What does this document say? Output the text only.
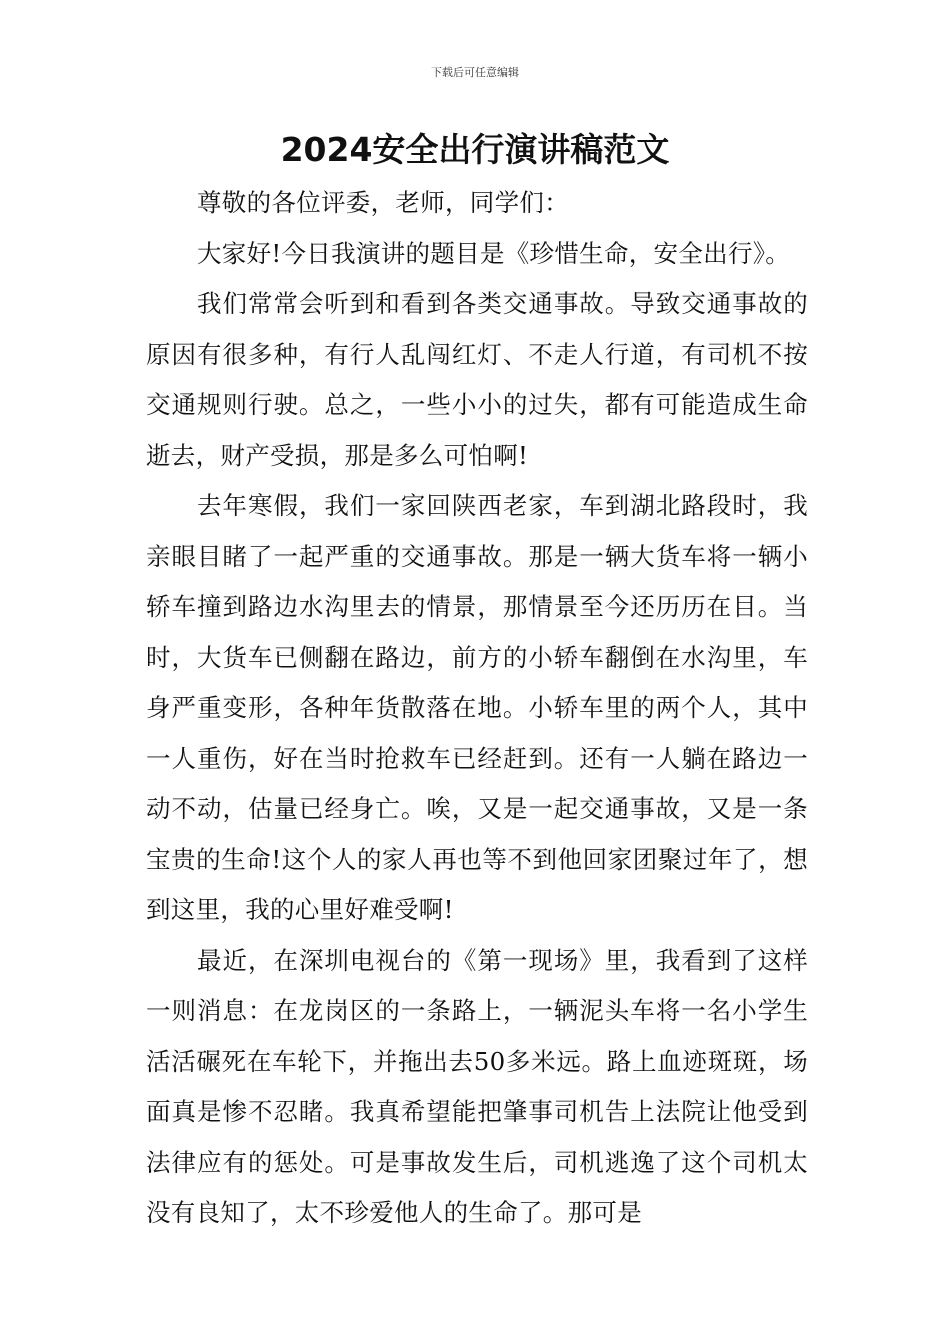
下载后可任意编辑
2024安全出行演讲稿范文

尊敬的各位评委，老师，同学们：

大家好!今日我演讲的题目是《珍惜生命，安全出行》。

我们常常会听到和看到各类交通事故。导致交通事故的原因有很多种，有行人乱闯红灯、不走人行道，有司机不按交通规则行驶。总之，一些小小的过失，都有可能造成生命逝去，财产受损，那是多么可怕啊!

去年寒假，我们一家回陕西老家，车到湖北路段时，我亲眼目睹了一起严重的交通事故。那是一辆大货车将一辆小轿车撞到路边水沟里去的情景，那情景至今还历历在目。当时，大货车已侧翻在路边，前方的小轿车翻倒在水沟里，车身严重变形，各种年货散落在地。小轿车里的两个人，其中一人重伤，好在当时抢救车已经赶到。还有一人躺在路边一动不动，估量已经身亡。唉，又是一起交通事故，又是一条宝贵的生命!这个人的家人再也等不到他回家团聚过年了，想到这里，我的心里好难受啊!

最近，在深圳电视台的《第一现场》里，我看到了这样一则消息：在龙岗区的一条路上，一辆泥头车将一名小学生活活碾死在车轮下，并拖出去50多米远。路上血迹斑斑，场面真是惨不忍睹。我真希望能把肇事司机告上法院让他受到法律应有的惩处。可是事故发生后，司机逃逸了这个司机太没有良知了，太不珍爱他人的生命了。那可是
